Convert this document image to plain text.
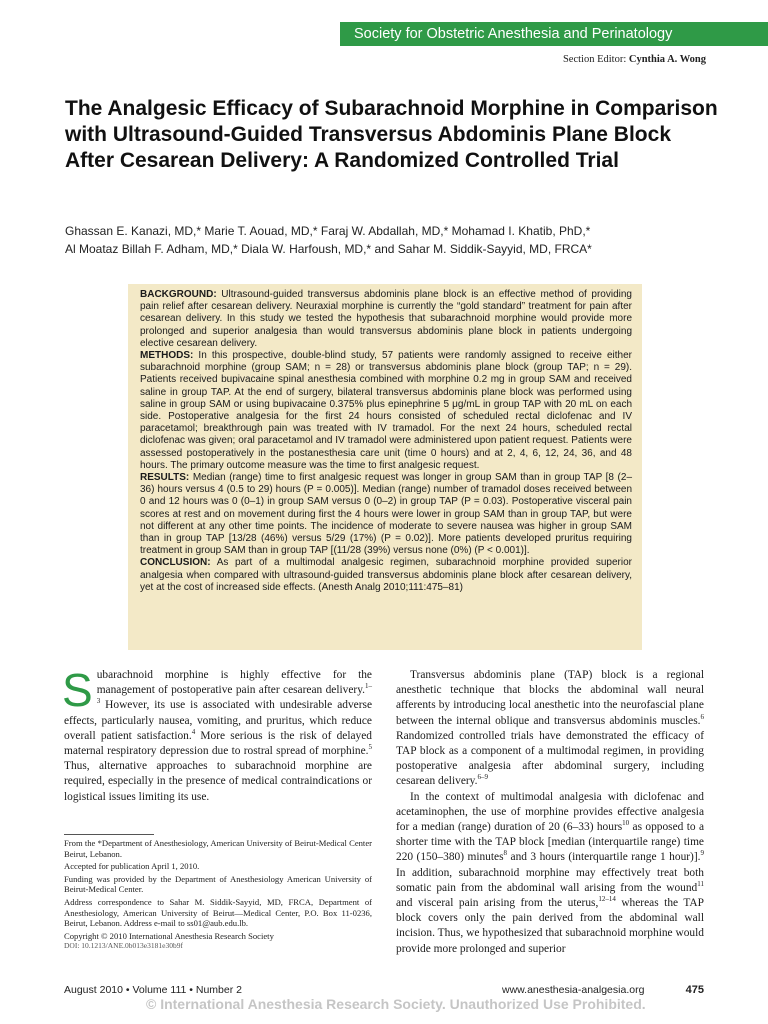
Society for Obstetric Anesthesia and Perinatology
Section Editor: Cynthia A. Wong
The Analgesic Efficacy of Subarachnoid Morphine in Comparison with Ultrasound-Guided Transversus Abdominis Plane Block After Cesarean Delivery: A Randomized Controlled Trial
Ghassan E. Kanazi, MD,* Marie T. Aouad, MD,* Faraj W. Abdallah, MD,* Mohamad I. Khatib, PhD,*
Al Moataz Billah F. Adham, MD,* Diala W. Harfoush, MD,* and Sahar M. Siddik-Sayyid, MD, FRCA*

BACKGROUND: Ultrasound-guided transversus abdominis plane block is an effective method of providing pain relief after cesarean delivery. Neuraxial morphine is currently the “gold standard” treatment for pain after cesarean delivery. In this study we tested the hypothesis that subarachnoid morphine would provide more prolonged and superior analgesia than would transversus abdominis plane block in patients undergoing elective cesarean delivery.

METHODS: In this prospective, double-blind study, 57 patients were randomly assigned to receive either subarachnoid morphine (group SAM; n = 28) or transversus abdominis plane block (group TAP; n = 29). Patients received bupivacaine spinal anesthesia combined with morphine 0.2 mg in group SAM and received saline in group TAP. At the end of surgery, bilateral transversus abdominis plane block was performed using saline in group SAM or using bupivacaine 0.375% plus epinephrine 5 μg/mL in group TAP with 20 mL on each side. Postoperative analgesia for the first 24 hours consisted of scheduled rectal diclofenac and IV paracetamol; breakthrough pain was treated with IV tramadol. For the next 24 hours, scheduled rectal diclofenac was given; oral paracetamol and IV tramadol were administered upon patient request. Patients were assessed postoperatively in the postanesthesia care unit (time 0 hours) and at 2, 4, 6, 12, 24, 36, and 48 hours. The primary outcome measure was the time to first analgesic request.

RESULTS: Median (range) time to first analgesic request was longer in group SAM than in group TAP [8 (2–36) hours versus 4 (0.5 to 29) hours (P = 0.005)]. Median (range) number of tramadol doses received between 0 and 12 hours was 0 (0–1) in group SAM versus 0 (0–2) in group TAP (P = 0.03). Postoperative visceral pain scores at rest and on movement during first the 4 hours were lower in group SAM than in group TAP, but were not different at any other time points. The incidence of moderate to severe nausea was higher in group SAM than in group TAP [13/28 (46%) versus 5/29 (17%) (P = 0.02)]. More patients developed pruritus requiring treatment in group SAM than in group TAP [(11/28 (39%) versus none (0%) (P < 0.001)].

CONCLUSION: As part of a multimodal analgesic regimen, subarachnoid morphine provided superior analgesia when compared with ultrasound-guided transversus abdominis plane block after cesarean delivery, yet at the cost of increased side effects. (Anesth Analg 2010;111:475–81)

Subarachnoid morphine is highly effective for the management of postoperative pain after cesarean delivery.$^{1-3}$ However, its use is associated with undesirable adverse effects, particularly nausea, vomiting, and pruritus, which reduce overall patient satisfaction.$^4$ More serious is the risk of delayed maternal respiratory depression due to rostral spread of morphine.$^5$ Thus, alternative approaches to subarachnoid morphine are required, especially in the presence of medical contraindications or logistical issues limiting its use.

From the *Department of Anesthesiology, American University of Beirut-Medical Center Beirut, Lebanon.

Accepted for publication April 1, 2010.

Funding was provided by the Department of Anesthesiology American University of Beirut-Medical Center.

Address correspondence to Sahar M. Siddik-Sayyid, MD, FRCA, Department of Anesthesiology, American University of Beirut—Medical Center, P.O. Box 11-0236, Beirut, Lebanon. Address e-mail to ss01@aub.edu.lb.

Copyright © 2010 International Anesthesia Research Society

DOI: 10.1213/ANE.0b013e3181e30b9f

Transversus abdominis plane (TAP) block is a regional anesthetic technique that blocks the abdominal wall neural afferents by introducing local anesthetic into the neurofascial plane between the internal oblique and transversus abdominis muscles.$^6$ Randomized controlled trials have demonstrated the efficacy of TAP block as a component of a multimodal regimen, in providing postoperative analgesia after abdominal surgery, including cesarean delivery.$^{6-9}$

In the context of multimodal analgesia with diclofenac and acetaminophen, the use of morphine provides effective analgesia for a median (range) duration of 20 (6–33) hours$^{10}$ as opposed to a shorter time with the TAP block [median (interquartile range) time 220 (150–380) minutes$^8$ and 3 hours (interquartile range 1 hour)].$^9$ In addition, subarachnoid morphine may effectively treat both somatic pain from the abdominal wall arising from the wound$^{11}$ and visceral pain arising from the uterus,$^{12-14}$ whereas the TAP block covers only the pain derived from the abdominal wall incision. Thus, we hypothesized that subarachnoid morphine would provide more prolonged and superior

August 2010 • Volume 111 • Number 2	www.anesthesia-analgesia.org	475
© International Anesthesia Research Society. Unauthorized Use Prohibited.
